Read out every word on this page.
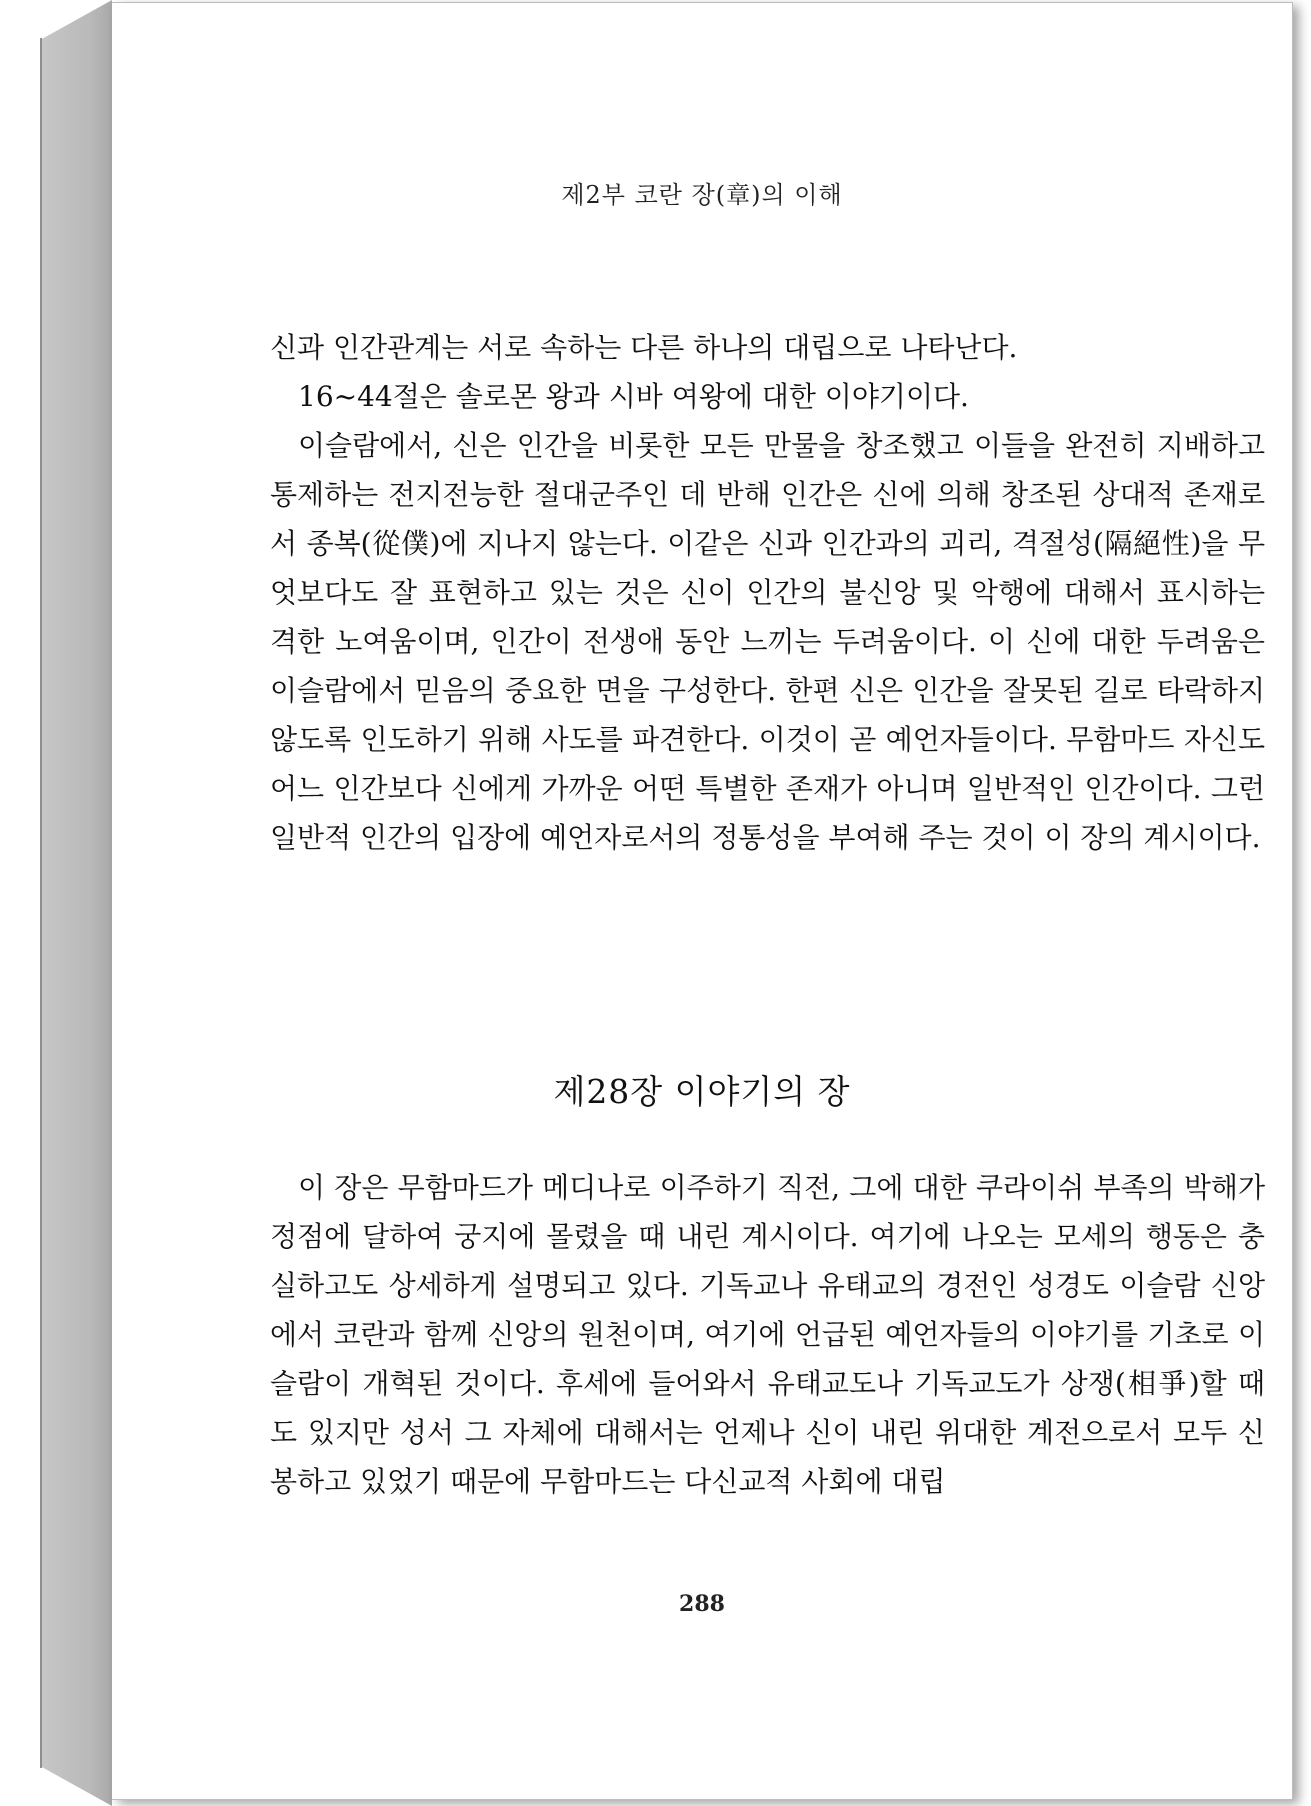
제2부 코란 장(章)의 이해

신과 인간관계는 서로 속하는 다른 하나의 대립으로 나타난다.

16~44절은 솔로몬 왕과 시바 여왕에 대한 이야기이다.

이슬람에서, 신은 인간을 비롯한 모든 만물을 창조했고 이들을 완전히 지배하고 통제하는 전지전능한 절대군주인 데 반해 인간은 신에 의해 창조된 상대적 존재로서 종복(從僕)에 지나지 않는다. 이같은 신과 인간과의 괴리, 격절성(隔絕性)을 무엇보다도 잘 표현하고 있는 것은 신이 인간의 불신앙 및 악행에 대해서 표시하는 격한 노여움이며, 인간이 전생애 동안 느끼는 두려움이다. 이 신에 대한 두려움은 이슬람에서 믿음의 중요한 면을 구성한다. 한편 신은 인간을 잘못된 길로 타락하지 않도록 인도하기 위해 사도를 파견한다. 이것이 곧 예언자들이다. 무함마드 자신도 어느 인간보다 신에게 가까운 어떤 특별한 존재가 아니며 일반적인 인간이다. 그런 일반적 인간의 입장에 예언자로서의 정통성을 부여해 주는 것이 이 장의 계시이다.

제28장 이야기의 장

이 장은 무함마드가 메디나로 이주하기 직전, 그에 대한 쿠라이쉬 부족의 박해가 정점에 달하여 궁지에 몰렸을 때 내린 계시이다. 여기에 나오는 모세의 행동은 충실하고도 상세하게 설명되고 있다. 기독교나 유태교의 경전인 성경도 이슬람 신앙에서 코란과 함께 신앙의 원천이며, 여기에 언급된 예언자들의 이야기를 기초로 이슬람이 개혁된 것이다. 후세에 들어와서 유태교도나 기독교도가 상쟁(相爭)할 때도 있지만 성서 그 자체에 대해서는 언제나 신이 내린 위대한 계전으로서 모두 신봉하고 있었기 때문에 무함마드는 다신교적 사회에 대립

288
